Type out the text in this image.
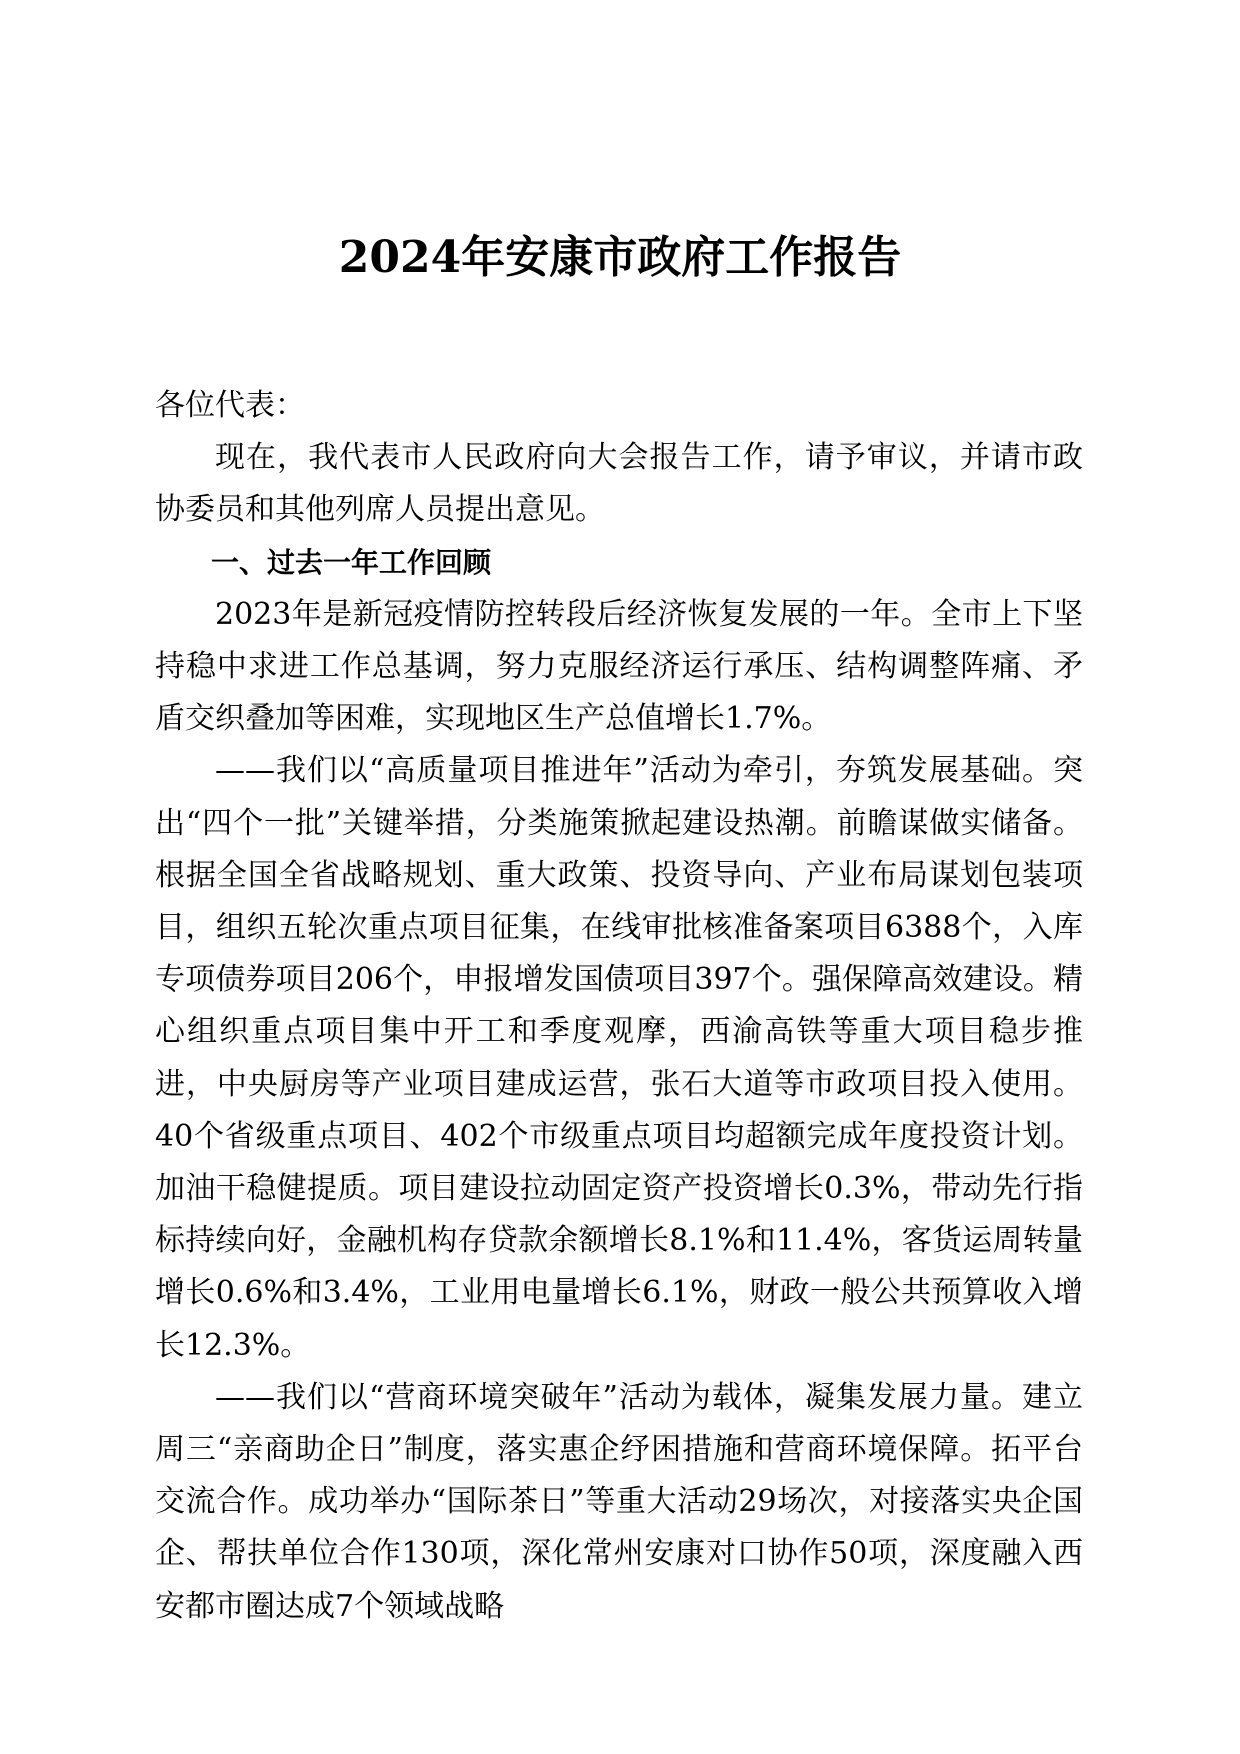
2024年安康市政府工作报告

各位代表：

现在，我代表市人民政府向大会报告工作，请予审议，并请市政协委员和其他列席人员提出意见。

一、过去一年工作回顾

2023年是新冠疫情防控转段后经济恢复发展的一年。全市上下坚持稳中求进工作总基调，努力克服经济运行承压、结构调整阵痛、矛盾交织叠加等困难，实现地区生产总值增长1.7%。

——我们以“高质量项目推进年”活动为牵引，夯筑发展基础。突出“四个一批”关键举措，分类施策掀起建设热潮。前瞻谋做实储备。根据全国全省战略规划、重大政策、投资导向、产业布局谋划包装项目，组织五轮次重点项目征集，在线审批核准备案项目6388个，入库专项债券项目206个，申报增发国债项目397个。强保障高效建设。精心组织重点项目集中开工和季度观摩，西渝高铁等重大项目稳步推进，中央厨房等产业项目建成运营，张石大道等市政项目投入使用。40个省级重点项目、402个市级重点项目均超额完成年度投资计划。加油干稳健提质。项目建设拉动固定资产投资增长0.3%，带动先行指标持续向好，金融机构存贷款余额增长8.1%和11.4%，客货运周转量增长0.6%和3.4%，工业用电量增长6.1%，财政一般公共预算收入增长12.3%。

——我们以“营商环境突破年”活动为载体，凝集发展力量。建立周三“亲商助企日”制度，落实惠企纾困措施和营商环境保障。拓平台交流合作。成功举办“国际茶日”等重大活动29场次，对接落实央企国企、帮扶单位合作130项，深化常州安康对口协作50项，深度融入西安都市圈达成7个领域战略
